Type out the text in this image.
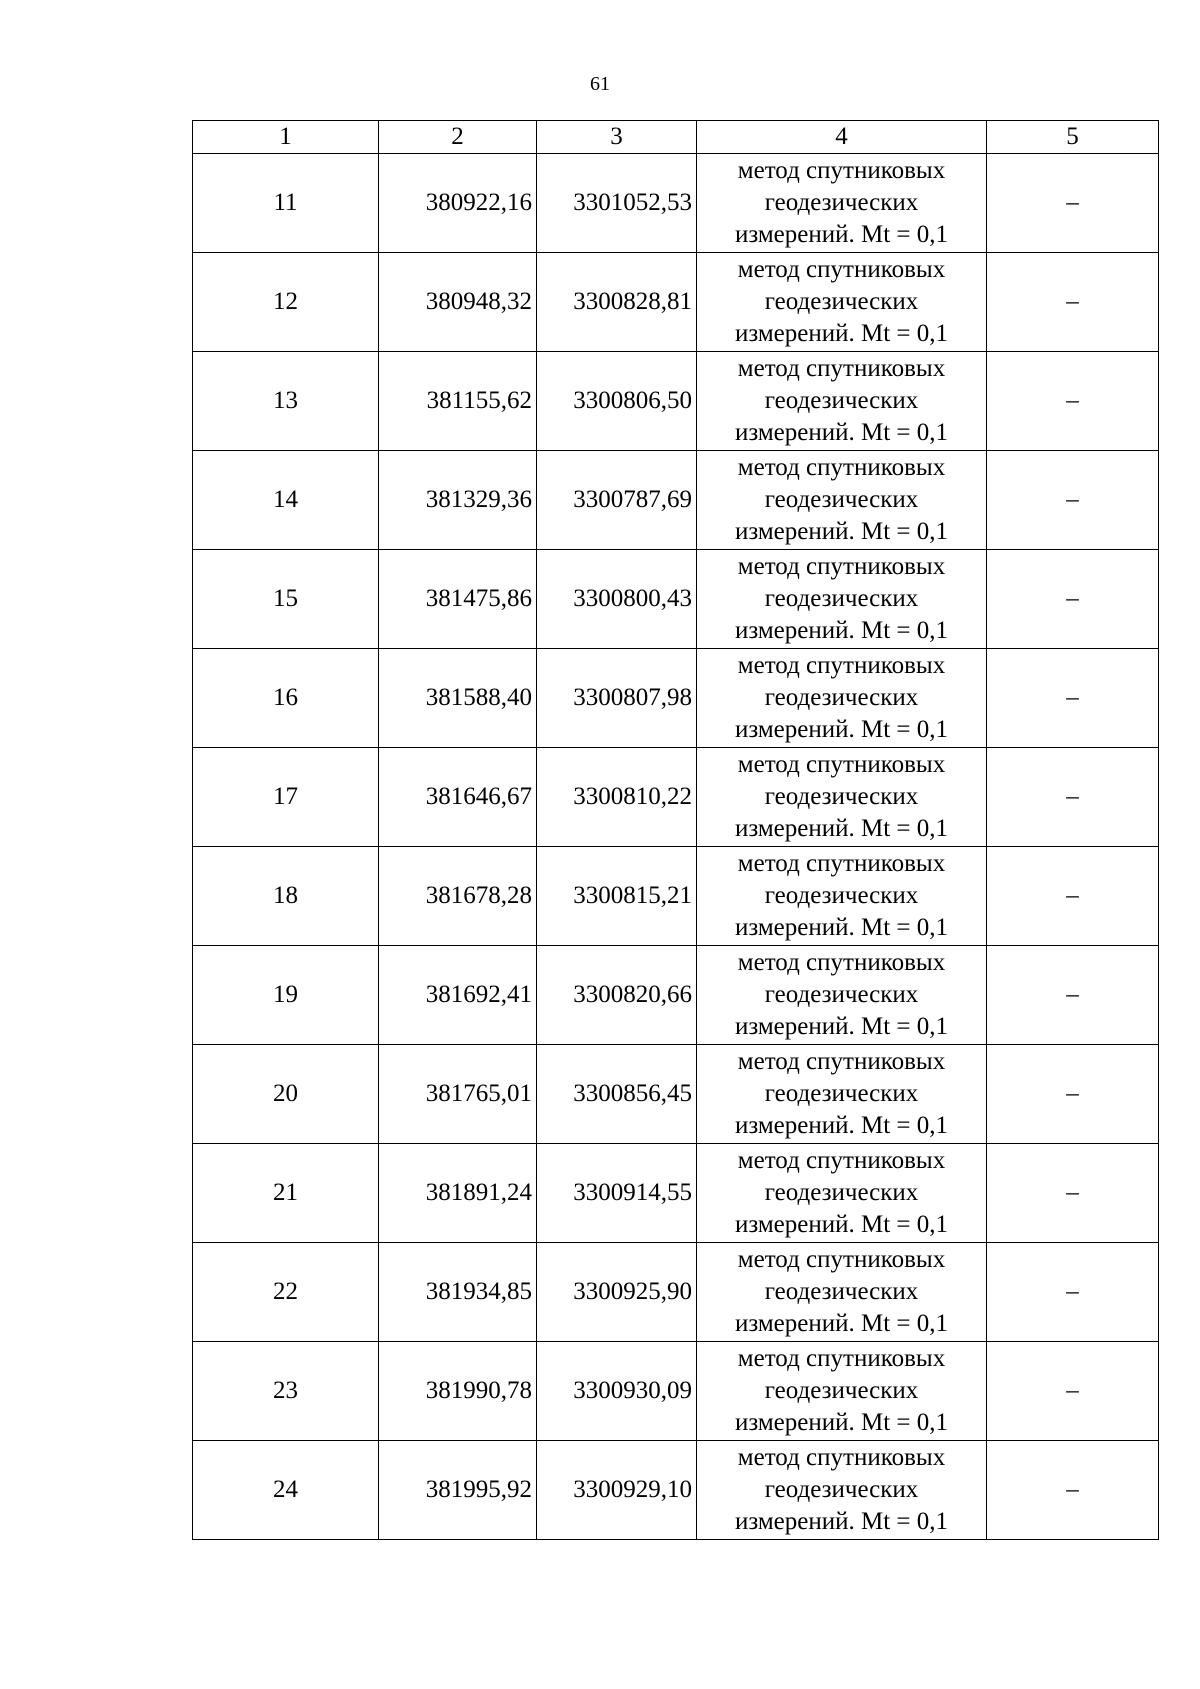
61
1	2	3	4	5
11	380922,16	3301052,53	метод спутниковых
геодезических
измерений. Mt = 0,1	–
12	380948,32	3300828,81	метод спутниковых
геодезических
измерений. Mt = 0,1	–
13	381155,62	3300806,50	метод спутниковых
геодезических
измерений. Mt = 0,1	–
14	381329,36	3300787,69	метод спутниковых
геодезических
измерений. Mt = 0,1	–
15	381475,86	3300800,43	метод спутниковых
геодезических
измерений. Mt = 0,1	–
16	381588,40	3300807,98	метод спутниковых
геодезических
измерений. Mt = 0,1	–
17	381646,67	3300810,22	метод спутниковых
геодезических
измерений. Mt = 0,1	–
18	381678,28	3300815,21	метод спутниковых
геодезических
измерений. Mt = 0,1	–
19	381692,41	3300820,66	метод спутниковых
геодезических
измерений. Mt = 0,1	–
20	381765,01	3300856,45	метод спутниковых
геодезических
измерений. Mt = 0,1	–
21	381891,24	3300914,55	метод спутниковых
геодезических
измерений. Mt = 0,1	–
22	381934,85	3300925,90	метод спутниковых
геодезических
измерений. Mt = 0,1	–
23	381990,78	3300930,09	метод спутниковых
геодезических
измерений. Mt = 0,1	–
24	381995,92	3300929,10	метод спутниковых
геодезических
измерений. Mt = 0,1	–
